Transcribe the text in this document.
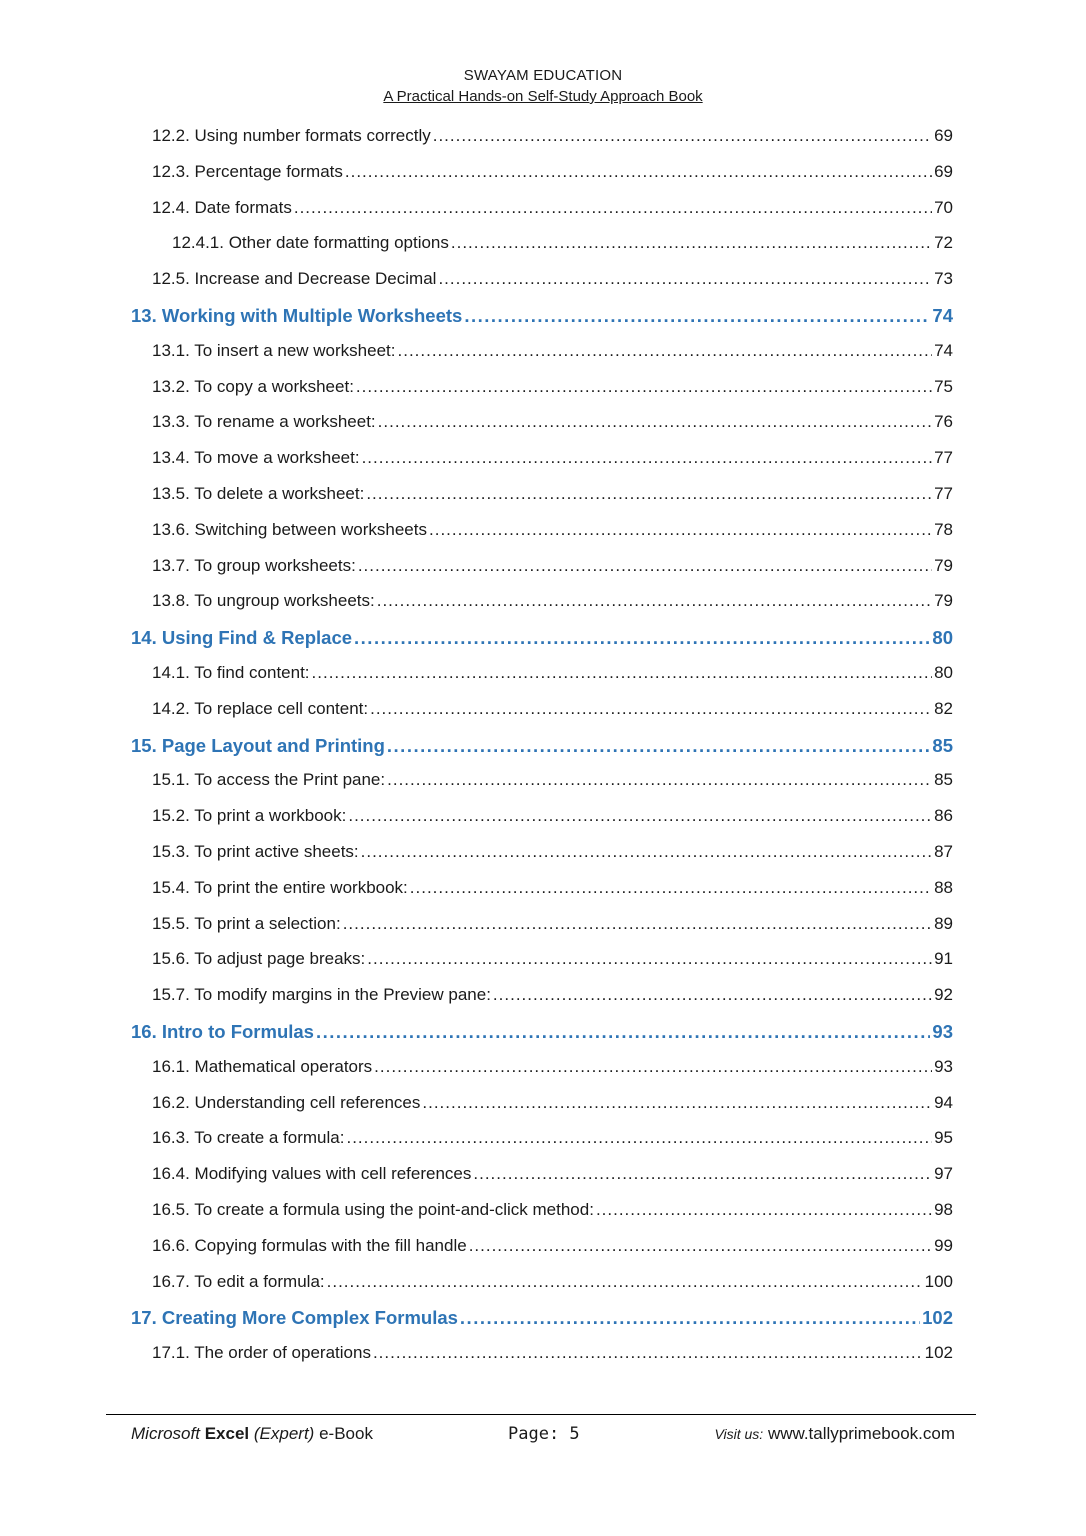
SWAYAM EDUCATION
A Practical Hands-on Self-Study Approach Book
12.2. Using number formats correctly .....	69
12.3. Percentage formats .....	69
12.4. Date formats .....	70
12.4.1. Other date formatting options .....	72
12.5. Increase and Decrease Decimal .....	73
13. Working with Multiple Worksheets .....	74
13.1. To insert a new worksheet: .....	74
13.2. To copy a worksheet: .....	75
13.3. To rename a worksheet: .....	76
13.4. To move a worksheet: .....	77
13.5. To delete a worksheet: .....	77
13.6. Switching between worksheets .....	78
13.7. To group worksheets: .....	79
13.8. To ungroup worksheets: .....	79
14. Using Find & Replace .....	80
14.1. To find content: .....	80
14.2. To replace cell content: .....	82
15. Page Layout and Printing .....	85
15.1. To access the Print pane: .....	85
15.2. To print a workbook: .....	86
15.3. To print active sheets: .....	87
15.4. To print the entire workbook: .....	88
15.5. To print a selection: .....	89
15.6. To adjust page breaks: .....	91
15.7. To modify margins in the Preview pane: .....	92
16. Intro to Formulas .....	93
16.1. Mathematical operators .....	93
16.2. Understanding cell references .....	94
16.3. To create a formula: .....	95
16.4. Modifying values with cell references .....	97
16.5. To create a formula using the point-and-click method: .....	98
16.6. Copying formulas with the fill handle .....	99
16.7. To edit a formula: .....	100
17. Creating More Complex Formulas .....	102
17.1. The order of operations .....	102
Microsoft Excel (Expert) e-Book	Page: 5	Visit us: www.tallyprimebook.com
